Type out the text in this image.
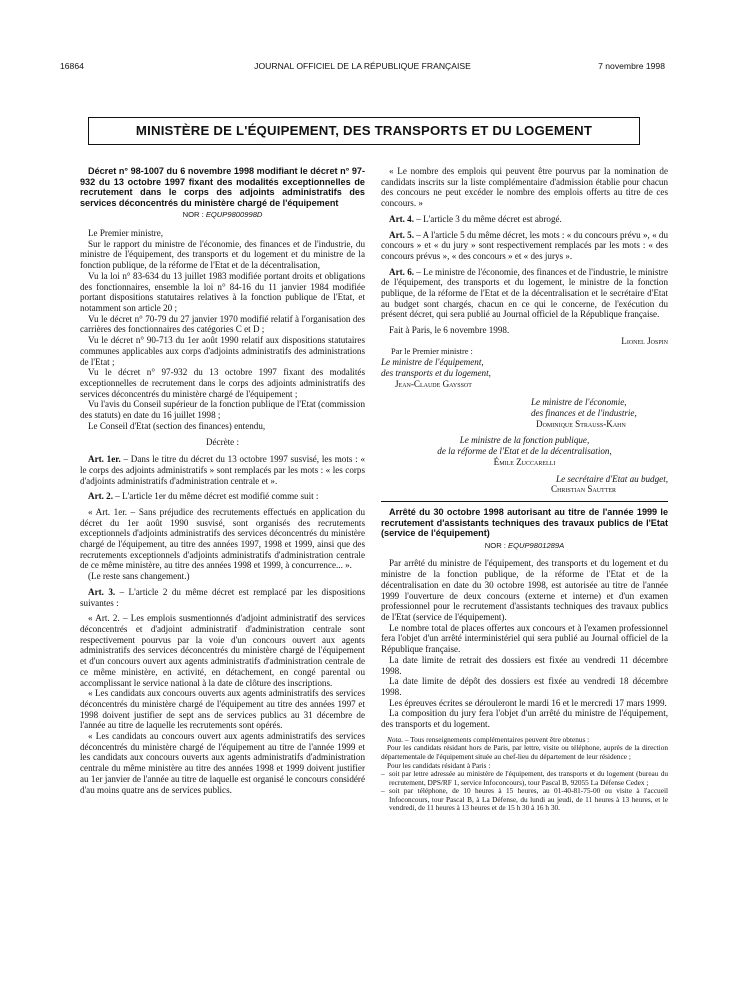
16864	JOURNAL OFFICIEL DE LA RÉPUBLIQUE FRANÇAISE	7 novembre 1998
MINISTÈRE DE L'ÉQUIPEMENT, DES TRANSPORTS ET DU LOGEMENT

Décret n° 98-1007 du 6 novembre 1998 modifiant le décret n° 97-932 du 13 octobre 1997 fixant des modalités exceptionnelles de recrutement dans le corps des adjoints administratifs des services déconcentrés du ministère chargé de l'équipement

NOR : EQUP9800998D

Le Premier ministre,

Sur le rapport du ministre de l'économie, des finances et de l'industrie, du ministre de l'équipement, des transports et du logement et du ministre de la fonction publique, de la réforme de l'Etat et de la décentralisation,

Vu la loi n° 83-634 du 13 juillet 1983 modifiée portant droits et obligations des fonctionnaires, ensemble la loi n° 84-16 du 11 janvier 1984 modifiée portant dispositions statutaires relatives à la fonction publique de l'Etat, et notamment son article 20 ;

Vu le décret n° 70-79 du 27 janvier 1970 modifié relatif à l'organisation des carrières des fonctionnaires des catégories C et D ;

Vu le décret n° 90-713 du 1er août 1990 relatif aux dispositions statutaires communes applicables aux corps d'adjoints administratifs des administrations de l'Etat ;

Vu le décret n° 97-932 du 13 octobre 1997 fixant des modalités exceptionnelles de recrutement dans le corps des adjoints administratifs des services déconcentrés du ministère chargé de l'équipement ;

Vu l'avis du Conseil supérieur de la fonction publique de l'Etat (commission des statuts) en date du 16 juillet 1998 ;

Le Conseil d'Etat (section des finances) entendu,

Décrète :

Art. 1er. – Dans le titre du décret du 13 octobre 1997 susvisé, les mots : « le corps des adjoints administratifs » sont remplacés par les mots : « les corps d'adjoints administratifs d'administration centrale et ».

Art. 2. – L'article 1er du même décret est modifié comme suit :

« Art. 1er. – Sans préjudice des recrutements effectués en application du décret du 1er août 1990 susvisé, sont organisés des recrutements exceptionnels d'adjoints administratifs des services déconcentrés du ministère chargé de l'équipement, au titre des années 1997, 1998 et 1999, ainsi que des recrutements exceptionnels d'adjoints administratifs d'administration centrale de ce même ministère, au titre des années 1998 et 1999, à concurrence... ».

(Le reste sans changement.)

Art. 3. – L'article 2 du même décret est remplacé par les dispositions suivantes :

« Art. 2. – Les emplois susmentionnés d'adjoint administratif des services déconcentrés et d'adjoint administratif d'administration centrale sont respectivement pourvus par la voie d'un concours ouvert aux agents administratifs des services déconcentrés du ministère chargé de l'équipement et d'un concours ouvert aux agents administratifs d'administration centrale de ce même ministère, en activité, en détachement, en congé parental ou accomplissant le service national à la date de clôture des inscriptions.

« Les candidats aux concours ouverts aux agents administratifs des services déconcentrés du ministère chargé de l'équipement au titre des années 1997 et 1998 doivent justifier de sept ans de services publics au 31 décembre de l'année au titre de laquelle les recrutements sont opérés.

« Les candidats au concours ouvert aux agents administratifs des services déconcentrés du ministère chargé de l'équipement au titre de l'année 1999 et les candidats aux concours ouverts aux agents administratifs d'administration centrale du même ministère au titre des années 1998 et 1999 doivent justifier au 1er janvier de l'année au titre de laquelle est organisé le concours considéré d'au moins quatre ans de services publics.

« Le nombre des emplois qui peuvent être pourvus par la nomination de candidats inscrits sur la liste complémentaire d'admission établie pour chacun des concours ne peut excéder le nombre des emplois offerts au titre de ces concours. »

Art. 4. – L'article 3 du même décret est abrogé.

Art. 5. – A l'article 5 du même décret, les mots : « du concours prévu », « du concours » et « du jury » sont respectivement remplacés par les mots : « des concours prévus », « des concours » et « des jurys ».

Art. 6. – Le ministre de l'économie, des finances et de l'industrie, le ministre de l'équipement, des transports et du logement, le ministre de la fonction publique, de la réforme de l'Etat et de la décentralisation et le secrétaire d'Etat au budget sont chargés, chacun en ce qui le concerne, de l'exécution du présent décret, qui sera publié au Journal officiel de la République française.

Fait à Paris, le 6 novembre 1998.

Lionel Jospin

Par le Premier ministre :

Le ministre de l'équipement,

des transports et du logement,

Jean-Claude Gayssot

Le ministre de l'économie,

des finances et de l'industrie,

Dominique Strauss-Kahn

Le ministre de la fonction publique,

de la réforme de l'Etat et de la décentralisation,

Émile Zuccarelli

Le secrétaire d'Etat au budget,

Christian Sautter

Arrêté du 30 octobre 1998 autorisant au titre de l'année 1999 le recrutement d'assistants techniques des travaux publics de l'Etat (service de l'équipement)

NOR : EQUP9801289A

Par arrêté du ministre de l'équipement, des transports et du logement et du ministre de la fonction publique, de la réforme de l'Etat et de la décentralisation en date du 30 octobre 1998, est autorisée au titre de l'année 1999 l'ouverture de deux concours (externe et interne) et d'un examen professionnel pour le recrutement d'assistants techniques des travaux publics de l'Etat (service de l'équipement).

Le nombre total de places offertes aux concours et à l'examen professionnel fera l'objet d'un arrêté interministériel qui sera publié au Journal officiel de la République française.

La date limite de retrait des dossiers est fixée au vendredi 11 décembre 1998.

La date limite de dépôt des dossiers est fixée au vendredi 18 décembre 1998.

Les épreuves écrites se dérouleront le mardi 16 et le mercredi 17 mars 1999.

La composition du jury fera l'objet d'un arrêté du ministre de l'équipement, des transports et du logement.

Nota. – Tous renseignements complémentaires peuvent être obtenus :

Pour les candidats résidant hors de Paris, par lettre, visite ou téléphone, auprès de la direction départementale de l'équipement située au chef-lieu du département de leur résidence ;

Pour les candidats résidant à Paris :

– soit par lettre adressée au ministère de l'équipement, des transports et du logement (bureau du recrutement, DPS/RF 1, service Infoconcours), tour Pascal B, 92055 La Défense Cedex ;
– soit par téléphone, de 10 heures à 15 heures, au 01-40-81-75-00 ou visite à l'accueil Infoconcours, tour Pascal B, à La Défense, du lundi au jeudi, de 11 heures à 13 heures, et le vendredi, de 11 heures à 13 heures et de 15 h 30 à 16 h 30.
